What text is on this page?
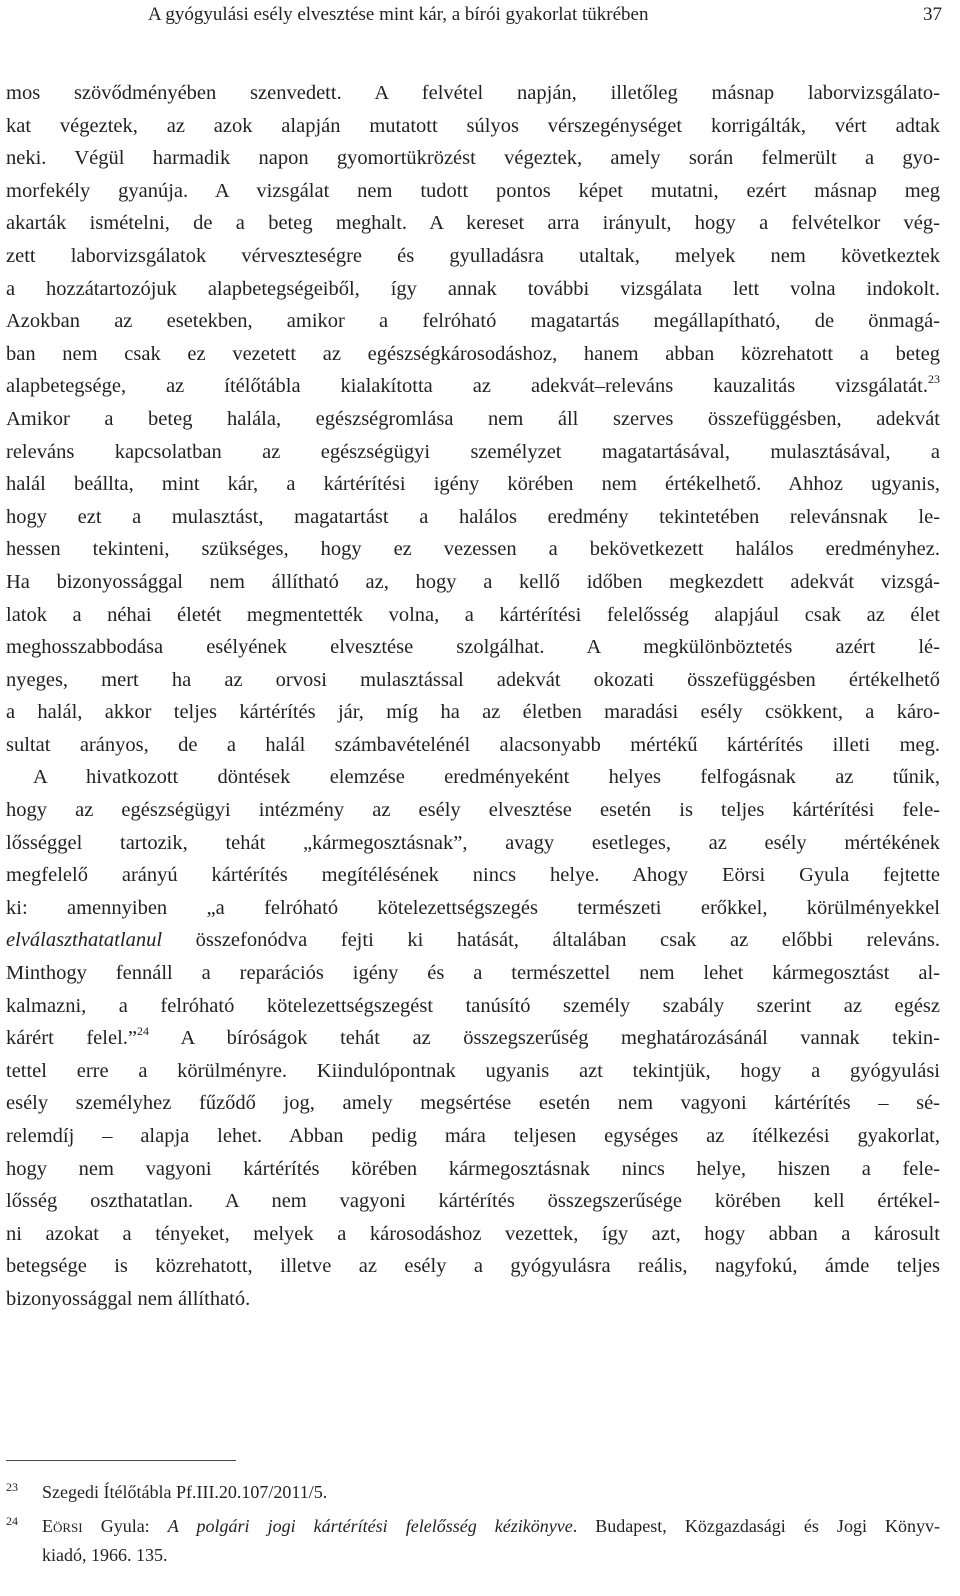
A gyógyulási esély elvesztése mint kár, a bírói gyakorlat tükrében	37
mos szövődményében szenvedett. A felvétel napján, illetőleg másnap laborvizsgálato-
kat végeztek, az azok alapján mutatott súlyos vérszegénységet korrigálták, vért adtak
neki. Végül harmadik napon gyomortükrözést végeztek, amely során felmerült a gyo-
morfekély gyanúja. A vizsgálat nem tudott pontos képet mutatni, ezért másnap meg
akarták ismételni, de a beteg meghalt. A kereset arra irányult, hogy a felvételkor vég-
zett laborvizsgálatok vérveszteségre és gyulladásra utaltak, melyek nem következtek
a hozzátartozójuk alapbetegségeiből, így annak további vizsgálata lett volna indokolt.
Azokban az esetekben, amikor a felróható magatartás megállapítható, de önmagá-
ban nem csak ez vezetett az egészségkárosodáshoz, hanem abban közrehatott a beteg
alapbetegsége, az ítélőtábla kialakította az adekvát–releváns kauzalitás vizsgálatát.$^{23}$
Amikor a beteg halála, egészségromlása nem áll szerves összefüggésben, adekvát
releváns kapcsolatban az egészségügyi személyzet magatartásával, mulasztásával, a
halál beállta, mint kár, a kártérítési igény körében nem értékelhető. Ahhoz ugyanis,
hogy ezt a mulasztást, magatartást a halálos eredmény tekintetében relevánsnak le-
hessen tekinteni, szükséges, hogy ez vezessen a bekövetkezett halálos eredményhez.
Ha bizonyossággal nem állítható az, hogy a kellő időben megkezdett adekvát vizsgá-
latok a néhai életét megmentették volna, a kártérítési felelősség alapjául csak az élet
meghosszabbodása esélyének elvesztése szolgálhat. A megkülönböztetés azért lé-
nyeges, mert ha az orvosi mulasztással adekvát okozati összefüggésben értékelhető
a halál, akkor teljes kártérítés jár, míg ha az életben maradási esély csökkent, a káro-
sultat arányos, de a halál számbavételénél alacsonyabb mértékű kártérítés illeti meg.
A hivatkozott döntések elemzése eredményeként helyes felfogásnak az tűnik,
hogy az egészségügyi intézmény az esély elvesztése esetén is teljes kártérítési fele-
lősséggel tartozik, tehát „kármegosztásnak”, avagy esetleges, az esély mértékének
megfelelő arányú kártérítés megítélésének nincs helye. Ahogy Eörsi Gyula fejtette
ki: amennyiben „a felróható kötelezettségszegés természeti erőkkel, körülményekkel
elválaszthatatlanul összefonódva fejti ki hatását, általában csak az előbbi releváns.
Minthogy fennáll a reparációs igény és a természettel nem lehet kármegosztást al-
kalmazni, a felróható kötelezettségszegést tanúsító személy szabály szerint az egész
kárért felel.”$^{24}$ A bíróságok tehát az összegszerűség meghatározásánál vannak tekin-
tettel erre a körülményre. Kiindulópontnak ugyanis azt tekintjük, hogy a gyógyulási
esély személyhez fűződő jog, amely megsértése esetén nem vagyoni kártérítés – sé-
relemdíj – alapja lehet. Abban pedig mára teljesen egységes az ítélkezési gyakorlat,
hogy nem vagyoni kártérítés körében kármegosztásnak nincs helye, hiszen a fele-
lősség oszthatatlan. A nem vagyoni kártérítés összegszerűsége körében kell értékel-
ni azokat a tényeket, melyek a károsodáshoz vezettek, így azt, hogy abban a károsult
betegsége is közrehatott, illetve az esély a gyógyulásra reális, nagyfokú, ámde teljes
bizonyossággal nem állítható.
23 Szegedi Ítélőtábla Pf.III.20.107/2011/5.
24 Eörsi Gyula: A polgári jogi kártérítési felelősség kézikönyve. Budapest, Közgazdasági és Jogi Könyv-
kiadó, 1966. 135.
